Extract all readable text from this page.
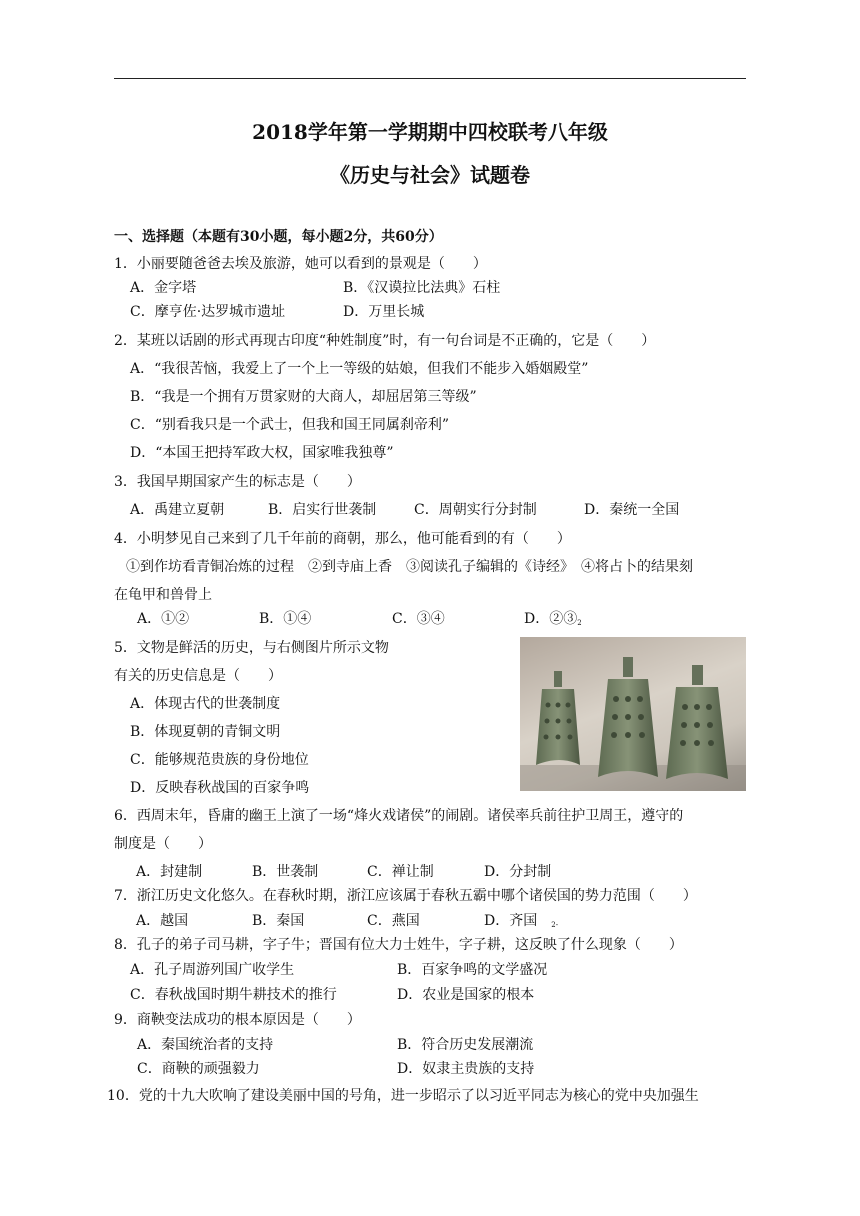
2018学年第一学期期中四校联考八年级
《历史与社会》试题卷
一、选择题（本题有30小题，每小题2分，共60分）
1．小丽要随爸爸去埃及旅游，她可以看到的景观是（　　）
A．金字塔	B．《汉谟拉比法典》石柱
C．摩亨佐·达罗城市遗址	D．万里长城
2．某班以话剧的形式再现古印度“种姓制度”时，有一句台词是不正确的，它是（　　）
A．“我很苦恼，我爱上了一个上一等级的姑娘，但我们不能步入婚姻殿堂”
B．“我是一个拥有万贯家财的大商人，却屈居第三等级”
C．“别看我只是一个武士，但我和国王同属刹帝利”
D．“本国王把持军政大权，国家唯我独尊”
3．我国早期国家产生的标志是（　　）
A．禹建立夏朝	B．启实行世袭制	C．周朝实行分封制	D．秦统一全国
4．小明梦见自己来到了几千年前的商朝，那么，他可能看到的有（　　）
①到作坊看青铜冶炼的过程　②到寺庙上香　③阅读孔子编辑的《诗经》　④将占卜的结果刻
在龟甲和兽骨上
A．①②	B．①④	C．③④	D．$②③_2$
5．文物是鲜活的历史，与右侧图片所示文物
有关的历史信息是（　　）
A．体现古代的世袭制度
B．体现夏朝的青铜文明
C．能够规范贵族的身份地位
D．反映春秋战国的百家争鸣
6．西周末年，昏庸的幽王上演了一场“烽火戏诸侯”的闹剧。诸侯率兵前往护卫周王，遵守的
制度是（　　）
A．封建制	B．世袭制	C．禅让制	D．分封制
7．浙江历史文化悠久。在春秋时期，浙江应该属于春秋五霸中哪个诸侯国的势力范围（　　）
A．越国	B．秦国	C．燕国	D．齐国 $_{2-}$
8．孔子的弟子司马耕，字子牛；晋国有位大力士姓牛，字子耕，这反映了什么现象（　　）
A．孔子周游列国广收学生	B．百家争鸣的文学盛况
C．春秋战国时期牛耕技术的推行	D．农业是国家的根本
9．商鞅变法成功的根本原因是（　　）
A．秦国统治者的支持	B．符合历史发展潮流
C．商鞅的顽强毅力	D．奴隶主贵族的支持
10．党的十九大吹响了建设美丽中国的号角，进一步昭示了以习近平同志为核心的党中央加强生
